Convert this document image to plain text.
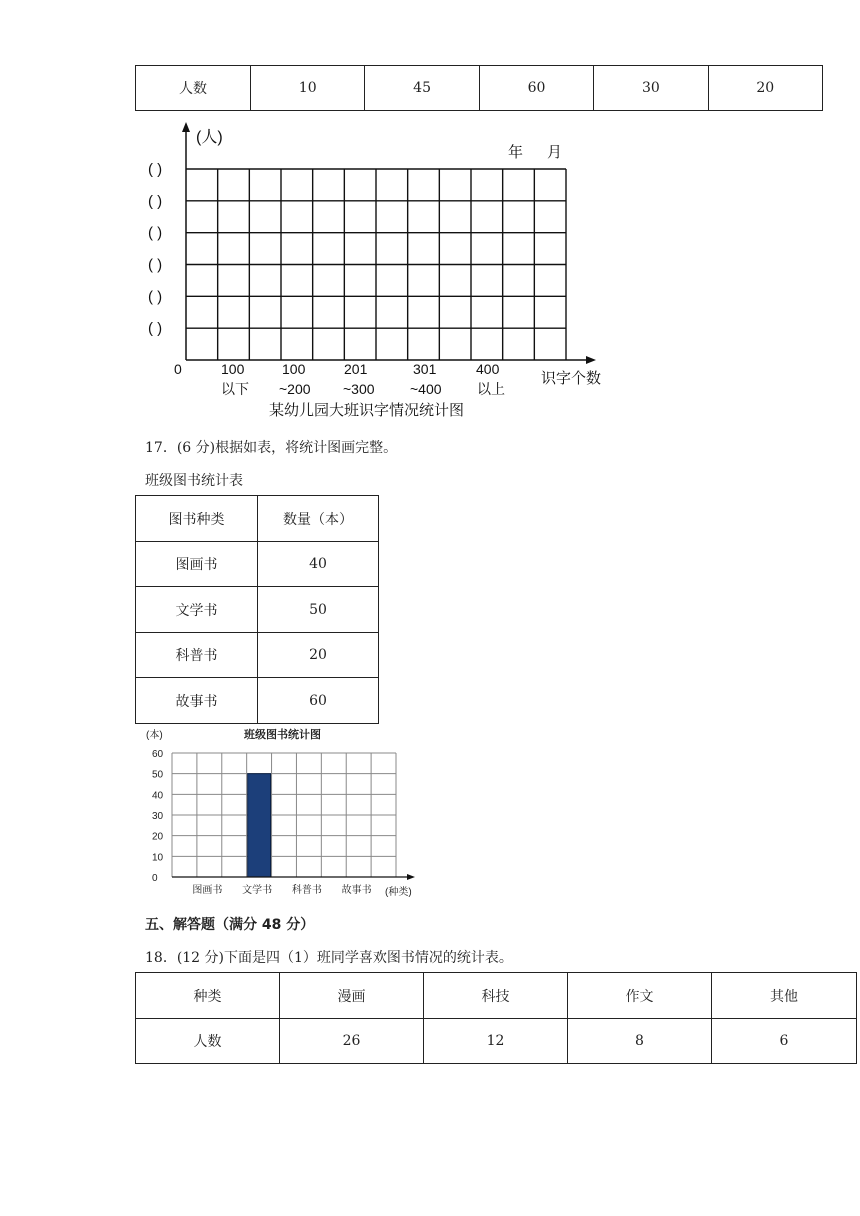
人数	10	45	60	30	20
(人)
年 月
( )
( )
( )
( )
( )
( )
0	100
以下
100
~200
201
~300
301
~400
400
以上
识字个数
某幼儿园大班识字情况统计图
17．(6 分)根据如表，将统计图画完整。
班级图书统计表
图书种类	数量（本）
图画书	40
文学书	50
科普书	20
故事书	60
(本)	班级图书统计图
0
10
20
30
40
50
60
图画书 文学书 科普书 故事书 (种类)
五、解答题（满分 48 分）
18．(12 分)下面是四（1）班同学喜欢图书情况的统计表。
种类	漫画	科技	作文	其他
人数	26	12	8	6
